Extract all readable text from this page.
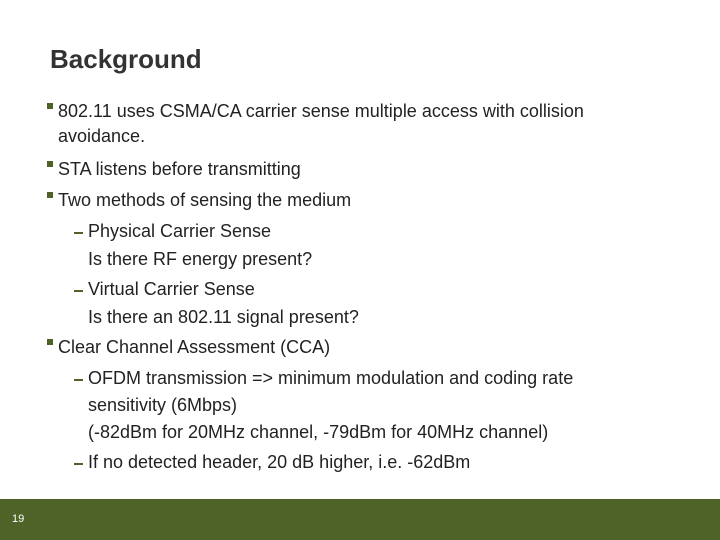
Background
802.11 uses CSMA/CA carrier sense multiple access with collision
avoidance.
STA listens before transmitting
Two methods of sensing the medium
Physical Carrier Sense
Is there RF energy present?
Virtual Carrier Sense
Is there an 802.11 signal present?
Clear Channel Assessment (CCA)
OFDM transmission => minimum modulation and coding rate
sensitivity (6Mbps)
(-82dBm for 20MHz channel, -79dBm for 40MHz channel)
If no detected header, 20 dB higher, i.e. -62dBm
19
